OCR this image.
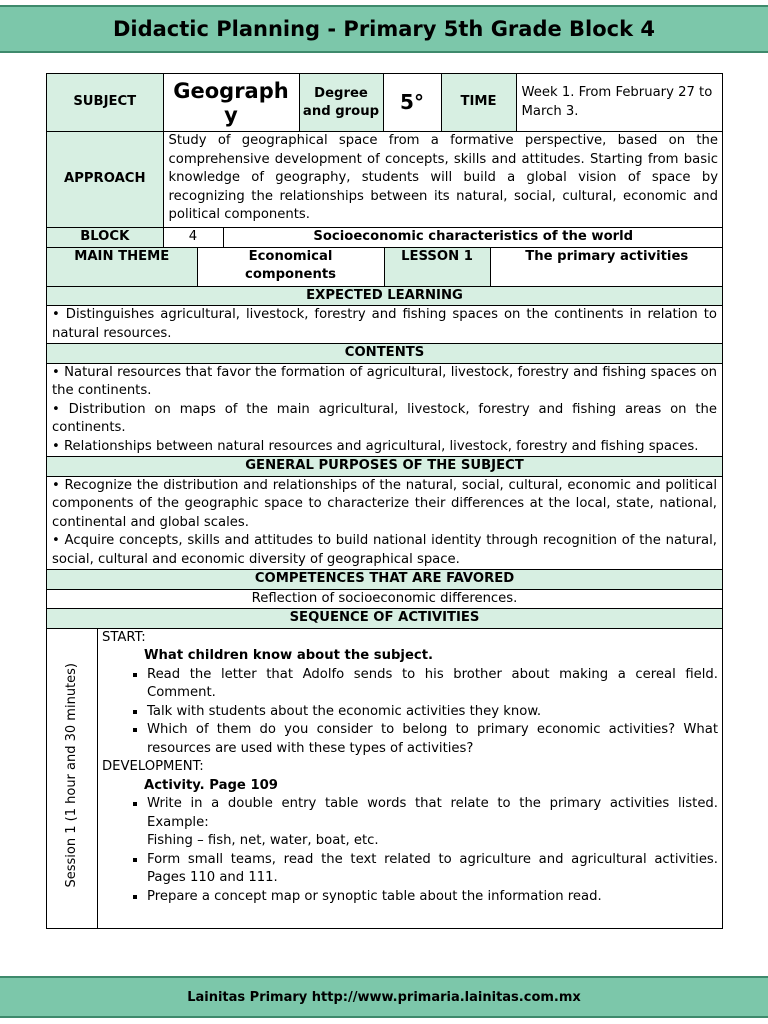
Didactic Planning - Primary 5th Grade Block 4
SUBJECT	Geography	Degree and group	5°	TIME	Week 1. From February 27 to March 3.

APPROACH	Study of geographical space from a formative perspective, based on the comprehensive development of concepts, skills and attitudes. Starting from basic knowledge of geography, students will build a global vision of space by recognizing the relationships between its natural, social, cultural, economic and political components.

BLOCK	4	Socioeconomic characteristics of the world

MAIN THEME	Economical components	LESSON 1	The primary activities

EXPECTED LEARNING
• Distinguishes agricultural, livestock, forestry and fishing spaces on the continents in relation to natural resources.
CONTENTS

• Natural resources that favor the formation of agricultural, livestock, forestry and fishing spaces on the continents.
• Distribution on maps of the main agricultural, livestock, forestry and fishing areas on the continents.
• Relationships between natural resources and agricultural, livestock, forestry and fishing spaces.

GENERAL PURPOSES OF THE SUBJECT

• Recognize the distribution and relationships of the natural, social, cultural, economic and political components of the geographic space to characterize their differences at the local, state, national, continental and global scales.
• Acquire concepts, skills and attitudes to build national identity through recognition of the natural, social, cultural and economic diversity of geographical space.

COMPETENCES THAT ARE FAVORED
Reflection of socioeconomic differences.
SEQUENCE OF ACTIVITIES
Session 1 (1 hour and 30 minutes)	
START:
What children know about the subject.
▪ Read the letter that Adolfo sends to his brother about making a cereal field. Comment.
▪ Talk with students about the economic activities they know.
▪ Which of them do you consider to belong to primary economic activities? What resources are used with these types of activities?
DEVELOPMENT:
Activity. Page 109
▪ Write in a double entry table words that relate to the primary activities listed. Example:
Fishing – fish, net, water, boat, etc.
▪ Form small teams, read the text related to agriculture and agricultural activities. Pages 110 and 111.
▪ Prepare a concept map or synoptic table about the information read.
Lainitas Primary http://www.primaria.lainitas.com.mx
